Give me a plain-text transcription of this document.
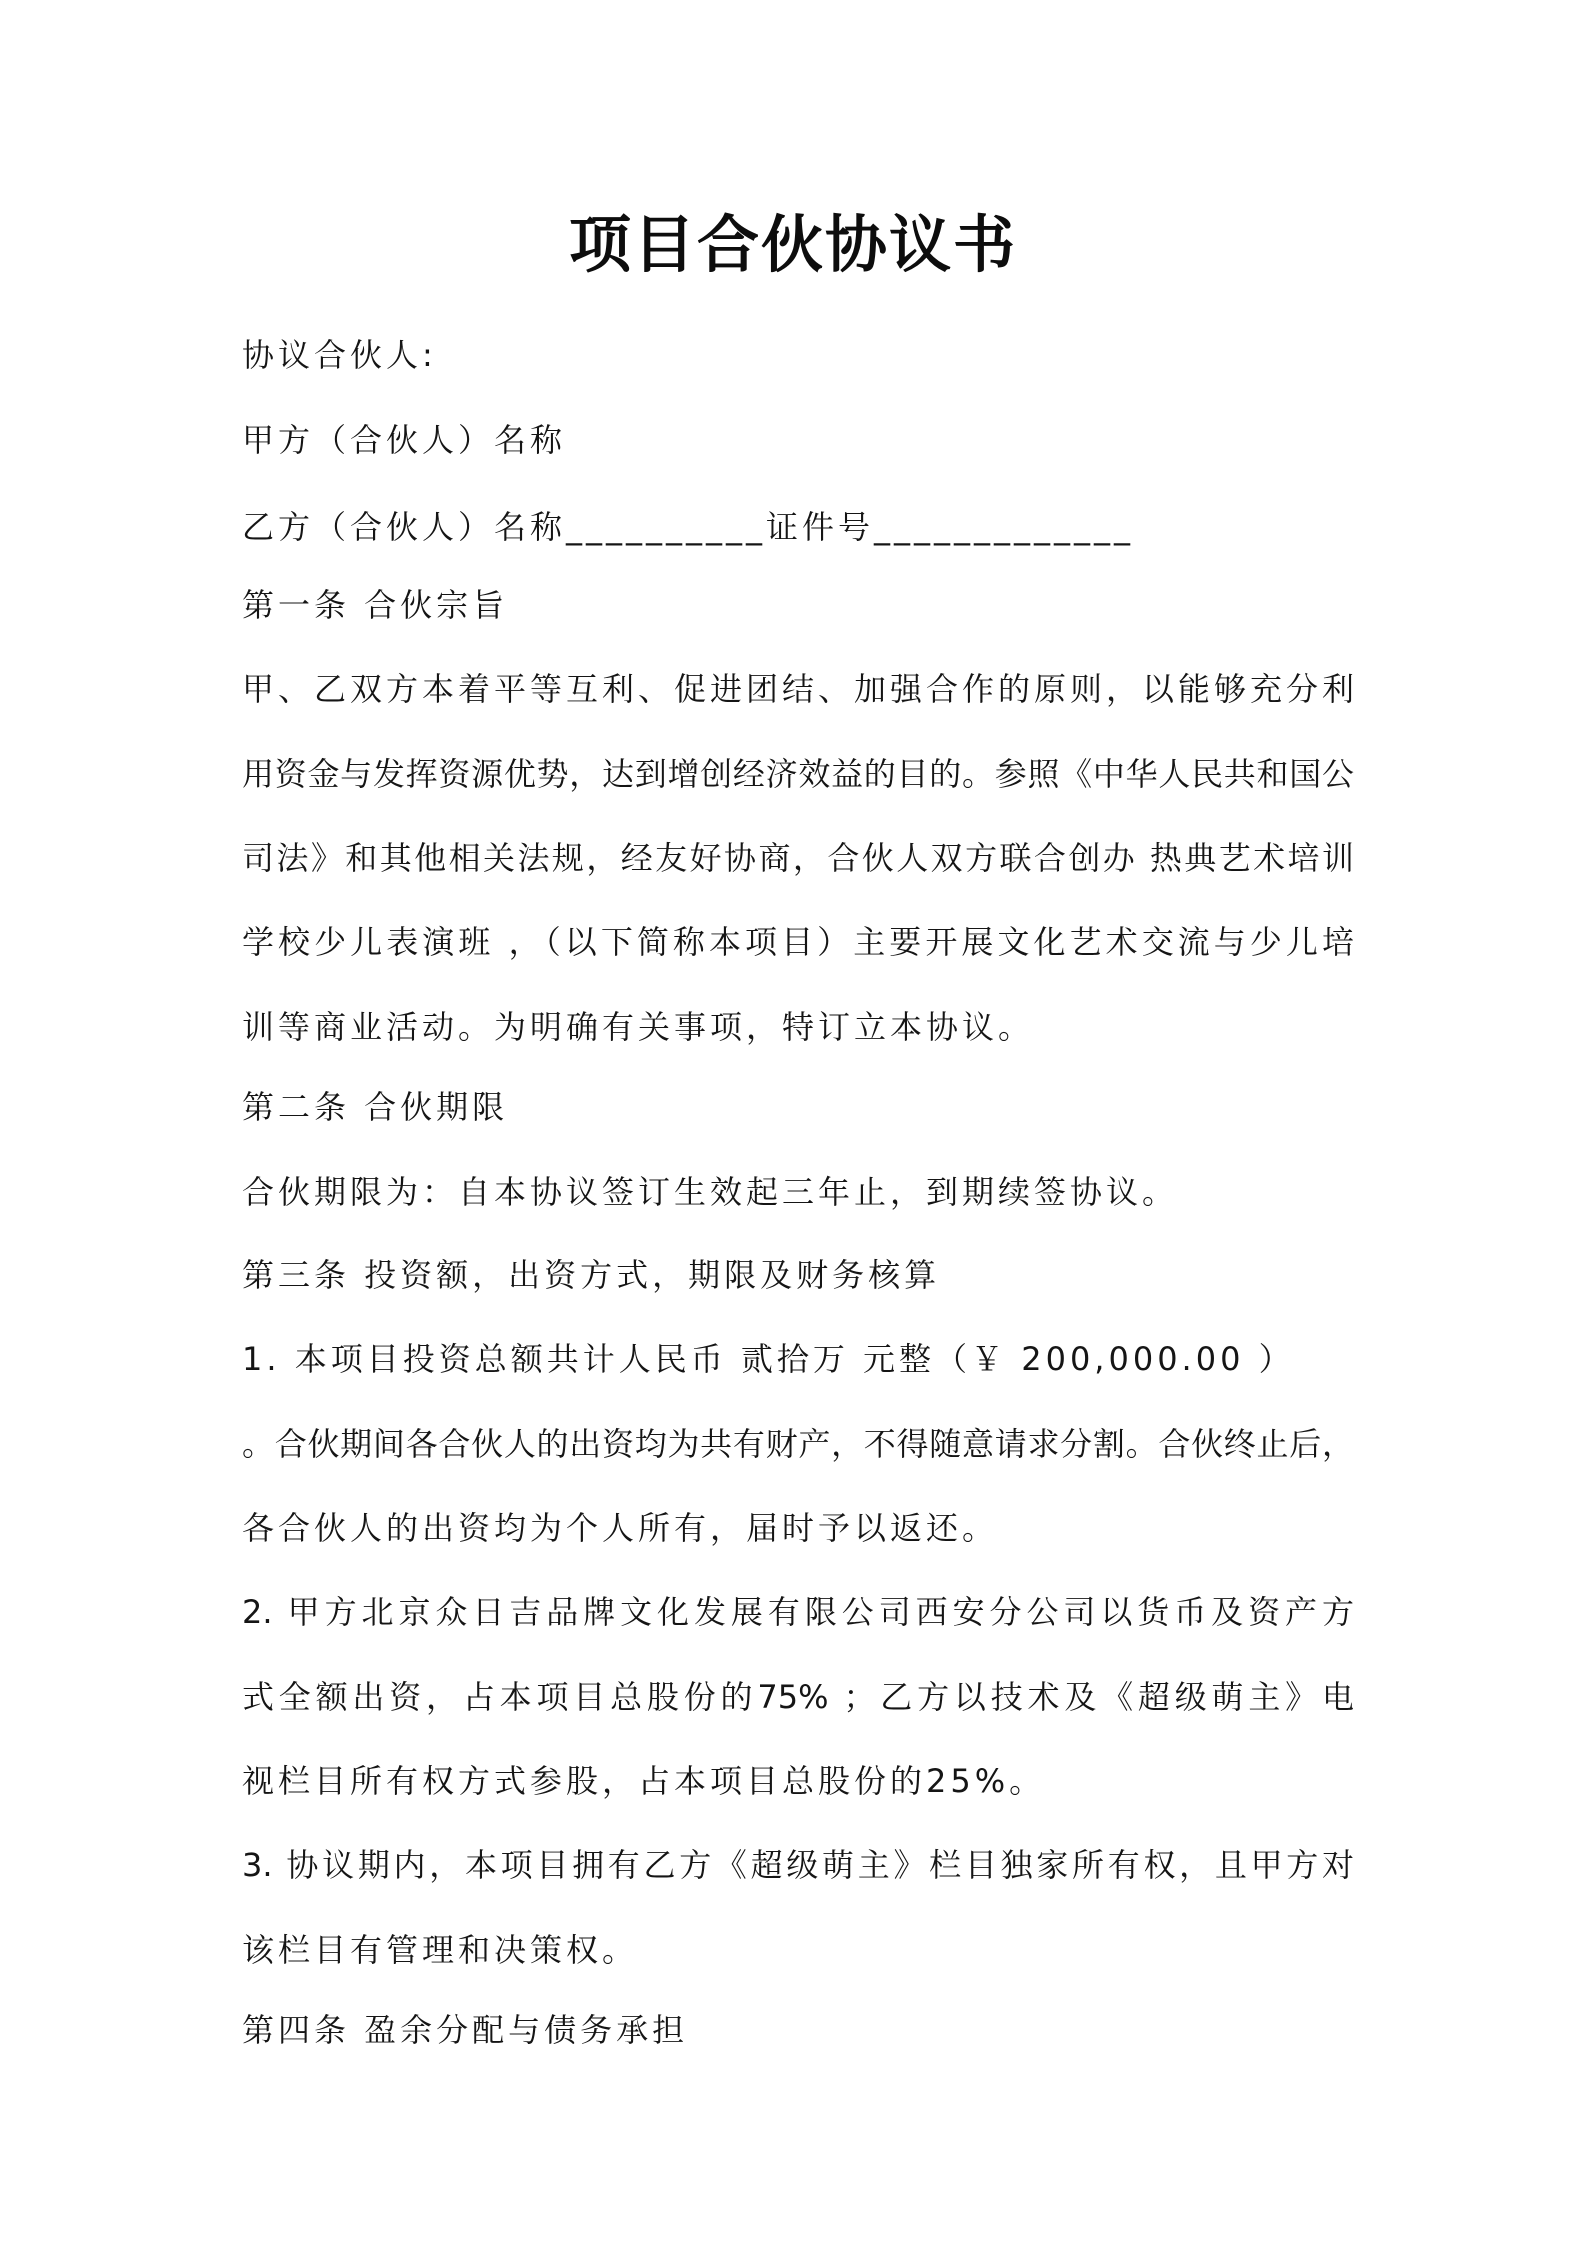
项目合伙协议书
协议合伙人:
甲方（合伙人）名称
乙方（合伙人）名称__________证件号_____________
第一条 合伙宗旨
甲、乙双方本着平等互利、促进团结、加强合作的原则，以能够充分利
用资金与发挥资源优势，达到增创经济效益的目的。参照《中华人民共和国公
司法》和其他相关法规，经友好协商，合伙人双方联合创办 热典艺术培训
学校少儿表演班 ，（以下简称本项目）主要开展文化艺术交流与少儿培
训等商业活动。为明确有关事项，特订立本协议。
第二条 合伙期限
合伙期限为：自本协议签订生效起三年止，到期续签协议。
第三条 投资额，出资方式，期限及财务核算
1. 本项目投资总额共计人民币 贰拾万 元整（￥ 200,000.00 ）
。合伙期间各合伙人的出资均为共有财产，不得随意请求分割。合伙终止后，
各合伙人的出资均为个人所有，届时予以返还。
2. 甲方北京众日吉品牌文化发展有限公司西安分公司以货币及资产方
式全额出资，占本项目总股份的75% ；乙方以技术及《超级萌主》电
视栏目所有权方式参股，占本项目总股份的25%。
3. 协议期内，本项目拥有乙方《超级萌主》栏目独家所有权，且甲方对
该栏目有管理和决策权。
第四条 盈余分配与债务承担
